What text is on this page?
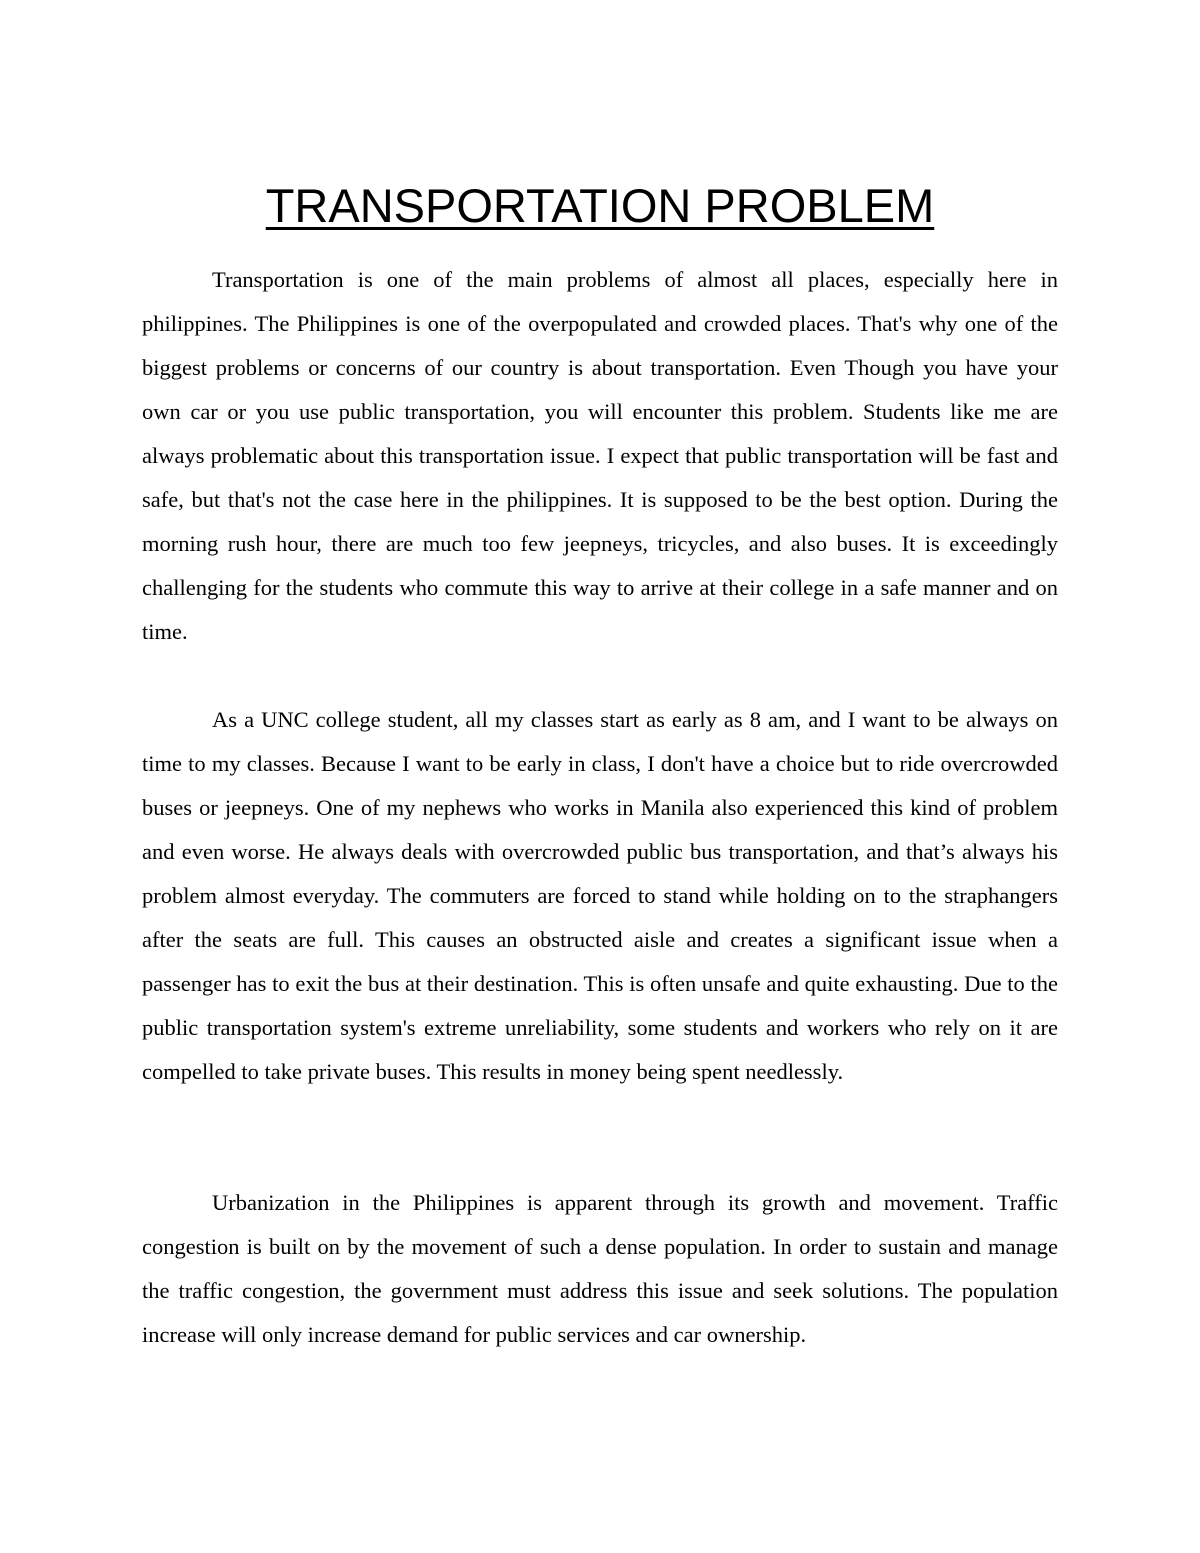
TRANSPORTATION PROBLEM

Transportation is one of the main problems of almost all places, especially here in philippines. The Philippines is one of the overpopulated and crowded places. That's why one of the biggest problems or concerns of our country is about transportation. Even Though you have your own car or you use public transportation, you will encounter this problem. Students like me are always problematic about this transportation issue. I expect that public transportation will be fast and safe, but that's not the case here in the philippines. It is supposed to be the best option. During the morning rush hour, there are much too few jeepneys, tricycles, and also buses. It is exceedingly challenging for the students who commute this way to arrive at their college in a safe manner and on time.

As a UNC college student, all my classes start as early as 8 am, and I want to be always on time to my classes. Because I want to be early in class, I don't have a choice but to ride overcrowded buses or jeepneys. One of my nephews who works in Manila also experienced this kind of problem and even worse. He always deals with overcrowded public bus transportation, and that’s always his problem almost everyday. The commuters are forced to stand while holding on to the straphangers after the seats are full. This causes an obstructed aisle and creates a significant issue when a passenger has to exit the bus at their destination. This is often unsafe and quite exhausting. Due to the public transportation system's extreme unreliability, some students and workers who rely on it are compelled to take private buses. This results in money being spent needlessly.

Urbanization in the Philippines is apparent through its growth and movement. Traffic congestion is built on by the movement of such a dense population. In order to sustain and manage the traffic congestion, the government must address this issue and seek solutions. The population increase will only increase demand for public services and car ownership.
